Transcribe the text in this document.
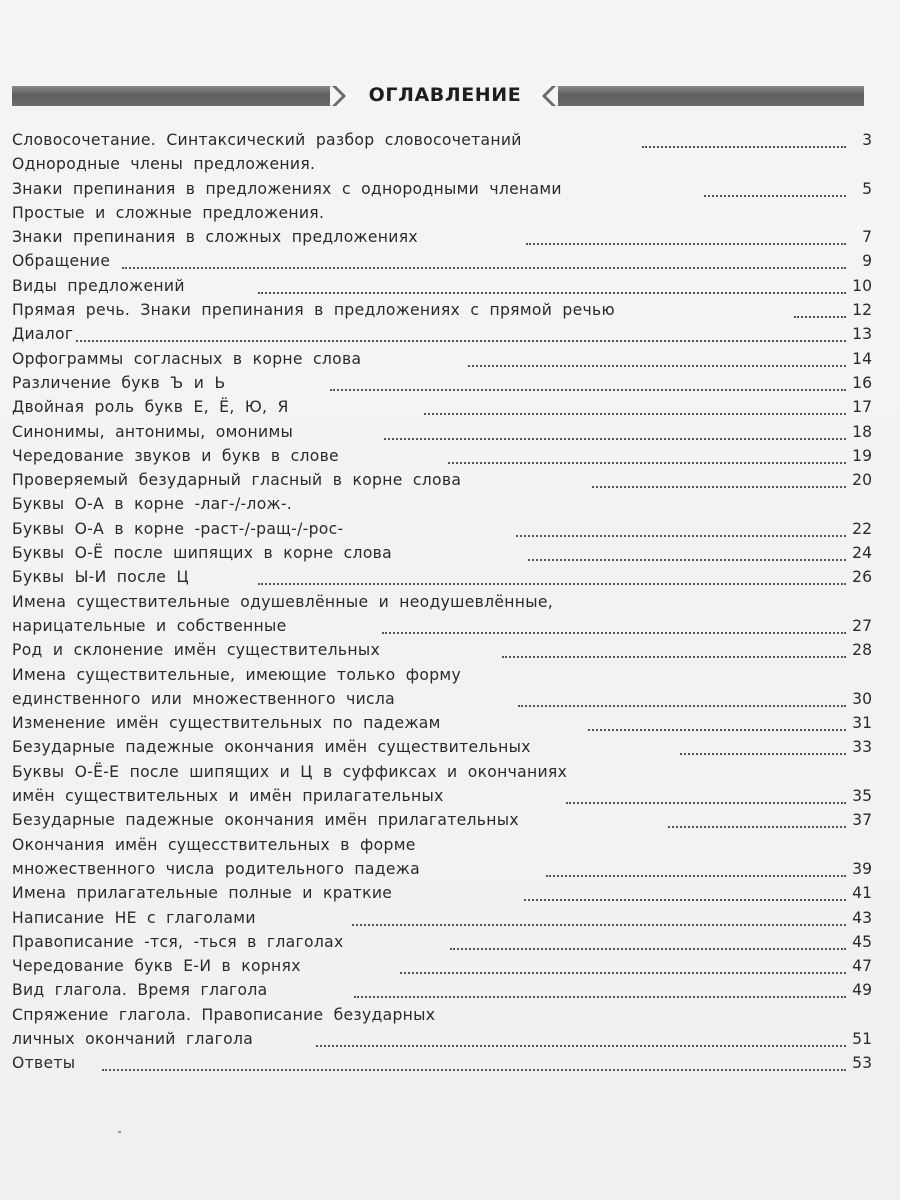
ОГЛАВЛЕНИЕ
Словосочетание. Синтаксический разбор словосочетаний	3
Однородные члены предложения.
Знаки препинания в предложениях с однородными членами	5
Простые и сложные предложения.
Знаки препинания в сложных предложениях	7
Обращение	9
Виды предложений	10
Прямая речь. Знаки препинания в предложениях с прямой речью	12
Диалог	13
Орфограммы согласных в корне слова	14
Различение букв Ъ и Ь	16
Двойная роль букв Е, Ё, Ю, Я	17
Синонимы, антонимы, омонимы	18
Чередование звуков и букв в слове	19
Проверяемый безударный гласный в корне слова	20
Буквы О-А в корне -лаг-/-лож-.
Буквы О-А в корне -раст-/-ращ-/-рос-	22
Буквы О-Ё после шипящих в корне слова	24
Буквы Ы-И после Ц	26
Имена существительные одушевлённые и неодушевлённые,
нарицательные и собственные	27
Род и склонение имён существительных	28
Имена существительные, имеющие только форму
единственного или множественного числа	30
Изменение имён существительных по падежам	31
Безударные падежные окончания имён существительных	33
Буквы О-Ё-Е после шипящих и Ц в суффиксах и окончаниях
имён существительных и имён прилагательных	35
Безударные падежные окончания имён прилагательных	37
Окончания имён сущесствительных в форме
множественного числа родительного падежа	39
Имена прилагательные полные и краткие	41
Написание НЕ с глаголами	43
Правописание -тся, -ться в глаголах	45
Чередование букв Е-И в корнях	47
Вид глагола. Время глагола	49
Спряжение глагола. Правописание безударных
личных окончаний глагола	51
Ответы	53
